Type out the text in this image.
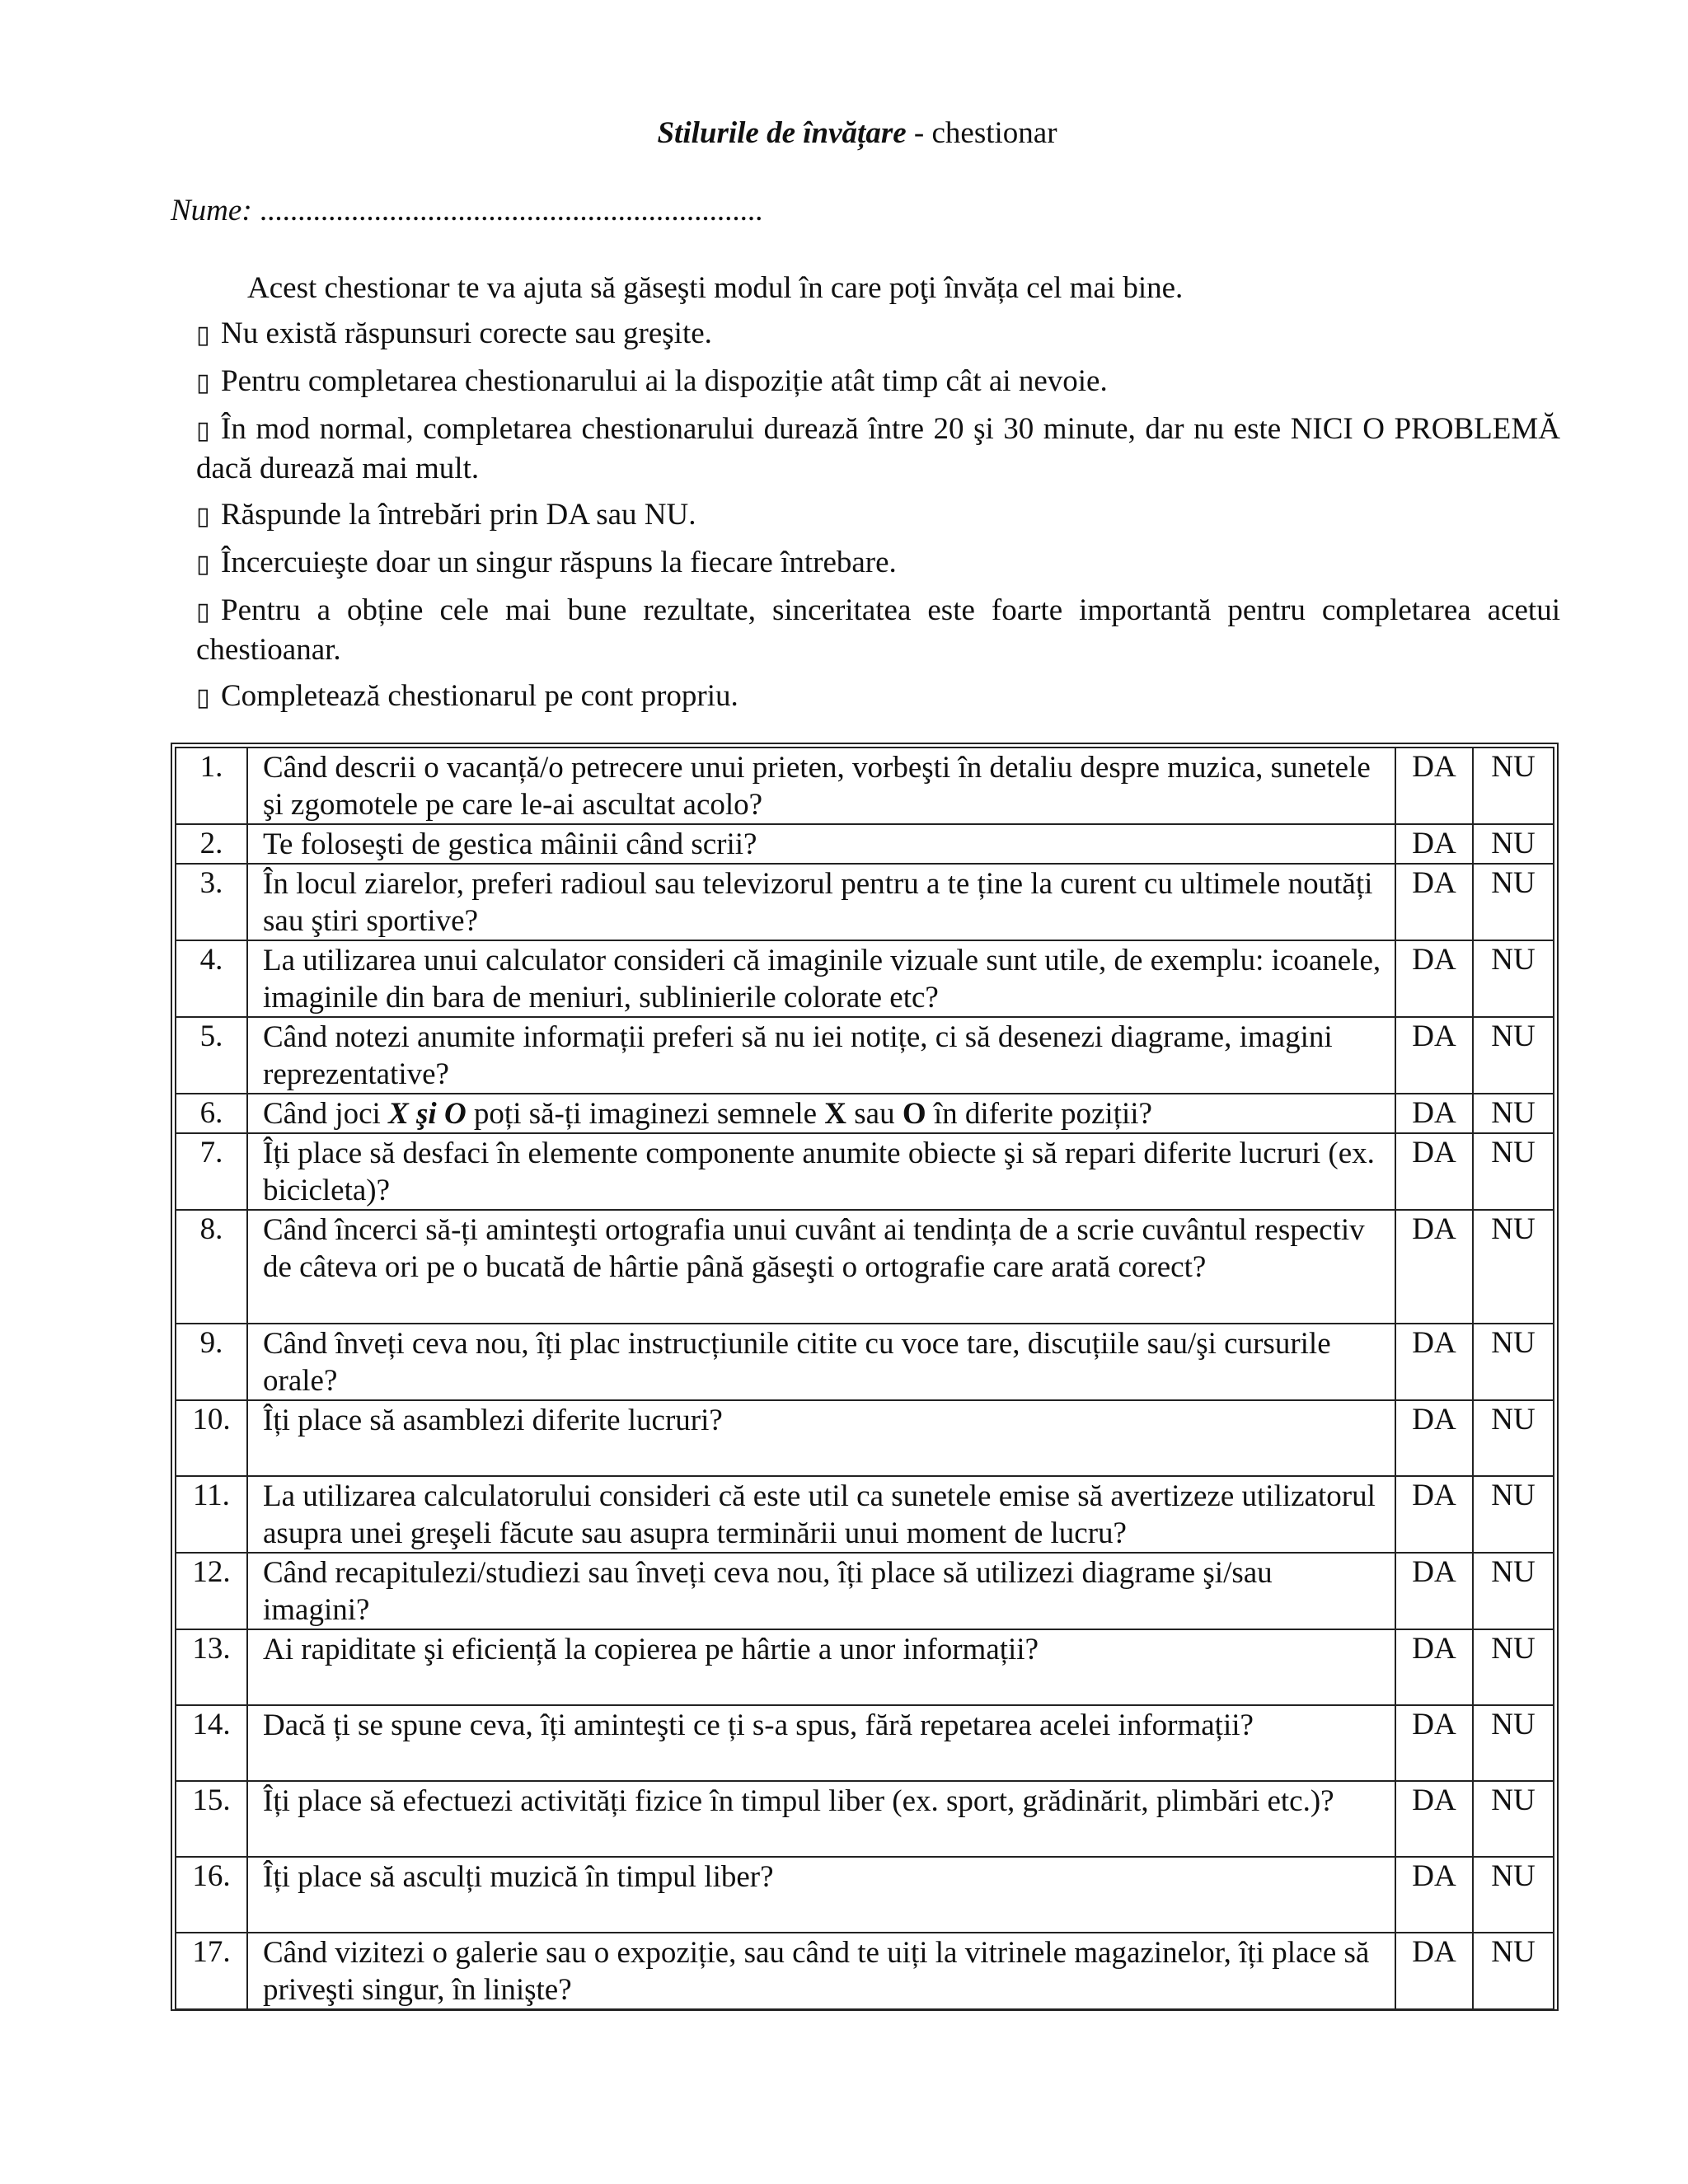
Stilurile de învățare - chestionar
Nume: ..................................................................
Acest chestionar te va ajuta să găseşti modul în care poţi învăța cel mai bine.

▯ Nu există răspunsuri corecte sau greşite.

▯ Pentru completarea chestionarului ai la dispoziție atât timp cât ai nevoie.

▯ În mod normal, completarea chestionarului durează între 20 şi 30 minute, dar nu este NICI O PROBLEMĂ dacă durează mai mult.

▯ Răspunde la întrebări prin DA sau NU.

▯ Încercuieşte doar un singur răspuns la fiecare întrebare.

▯ Pentru a obține cele mai bune rezultate, sinceritatea este foarte importantă pentru completarea acetui chestioanar.

▯ Completează chestionarul pe cont propriu.

1.	Când descrii o vacanță/o petrecere unui prieten, vorbeşti în detaliu despre muzica, sunetele şi zgomotele pe care le-ai ascultat acolo?	DA	NU
2.	Te foloseşti de gestica mâinii când scrii?	DA	NU
3.	În locul ziarelor, preferi radioul sau televizorul pentru a te ține la curent cu ultimele noutăți sau ştiri sportive?	DA	NU
4.	La utilizarea unui calculator consideri că imaginile vizuale sunt utile, de exemplu: icoanele, imaginile din bara de meniuri, sublinierile colorate etc?	DA	NU
5.	Când notezi anumite informații preferi să nu iei notițe, ci să desenezi diagrame, imagini reprezentative?	DA	NU
6.	Când joci X şi O poți să-ți imaginezi semnele X sau O în diferite poziții?	DA	NU
7.	Îți place să desfaci în elemente componente anumite obiecte şi să repari diferite lucruri (ex. bicicleta)?	DA	NU
8.	Când încerci să-ți aminteşti ortografia unui cuvânt ai tendința de a scrie cuvântul respectiv de câteva ori pe o bucată de hârtie până găseşti o ortografie care arată corect?	DA	NU
9.	Când înveți ceva nou, îți plac instrucțiunile citite cu voce tare, discuțiile sau/şi cursurile orale?	DA	NU
10.	Îți place să asamblezi diferite lucruri?	DA	NU
11.	La utilizarea calculatorului consideri că este util ca sunetele emise să avertizeze utilizatorul asupra unei greşeli făcute sau asupra terminării unui moment de lucru?	DA	NU
12.	Când recapitulezi/studiezi sau înveți ceva nou, îți place să utilizezi diagrame şi/sau imagini?	DA	NU
13.	Ai rapiditate şi eficiență la copierea pe hârtie a unor informații?	DA	NU
14.	Dacă ți se spune ceva, îți aminteşti ce ți s-a spus, fără repetarea acelei informații?	DA	NU
15.	Îți place să efectuezi activități fizice în timpul liber (ex. sport, grădinărit, plimbări etc.)?	DA	NU
16.	Îți place să asculți muzică în timpul liber?	DA	NU
17.	Când vizitezi o galerie sau o expoziție, sau când te uiți la vitrinele magazinelor, îți place să priveşti singur, în linişte?	DA	NU
